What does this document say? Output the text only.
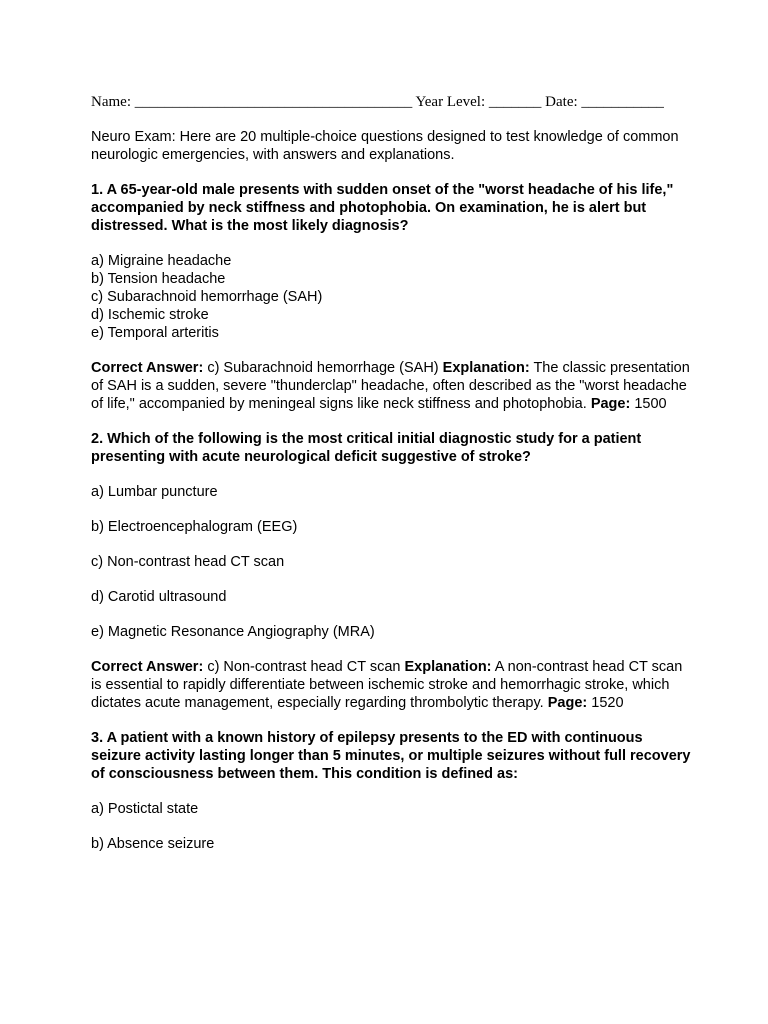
Name: _____________________________________ Year Level: _______ Date: ___________

Neuro Exam: Here are 20 multiple-choice questions designed to test knowledge of common neurologic emergencies, with answers and explanations.

1. A 65-year-old male presents with sudden onset of the "worst headache of his life," accompanied by neck stiffness and photophobia. On examination, he is alert but distressed. What is the most likely diagnosis?

a) Migraine headache

b) Tension headache

c) Subarachnoid hemorrhage (SAH)

d) Ischemic stroke

e) Temporal arteritis

Correct Answer: c) Subarachnoid hemorrhage (SAH) Explanation: The classic presentation of SAH is a sudden, severe "thunderclap" headache, often described as the "worst headache of life," accompanied by meningeal signs like neck stiffness and photophobia. Page: 1500

2. Which of the following is the most critical initial diagnostic study for a patient presenting with acute neurological deficit suggestive of stroke?

a) Lumbar puncture

b) Electroencephalogram (EEG)

c) Non-contrast head CT scan

d) Carotid ultrasound

e) Magnetic Resonance Angiography (MRA)

Correct Answer: c) Non-contrast head CT scan Explanation: A non-contrast head CT scan is essential to rapidly differentiate between ischemic stroke and hemorrhagic stroke, which dictates acute management, especially regarding thrombolytic therapy. Page: 1520

3. A patient with a known history of epilepsy presents to the ED with continuous seizure activity lasting longer than 5 minutes, or multiple seizures without full recovery of consciousness between them. This condition is defined as:

a) Postictal state

b) Absence seizure
